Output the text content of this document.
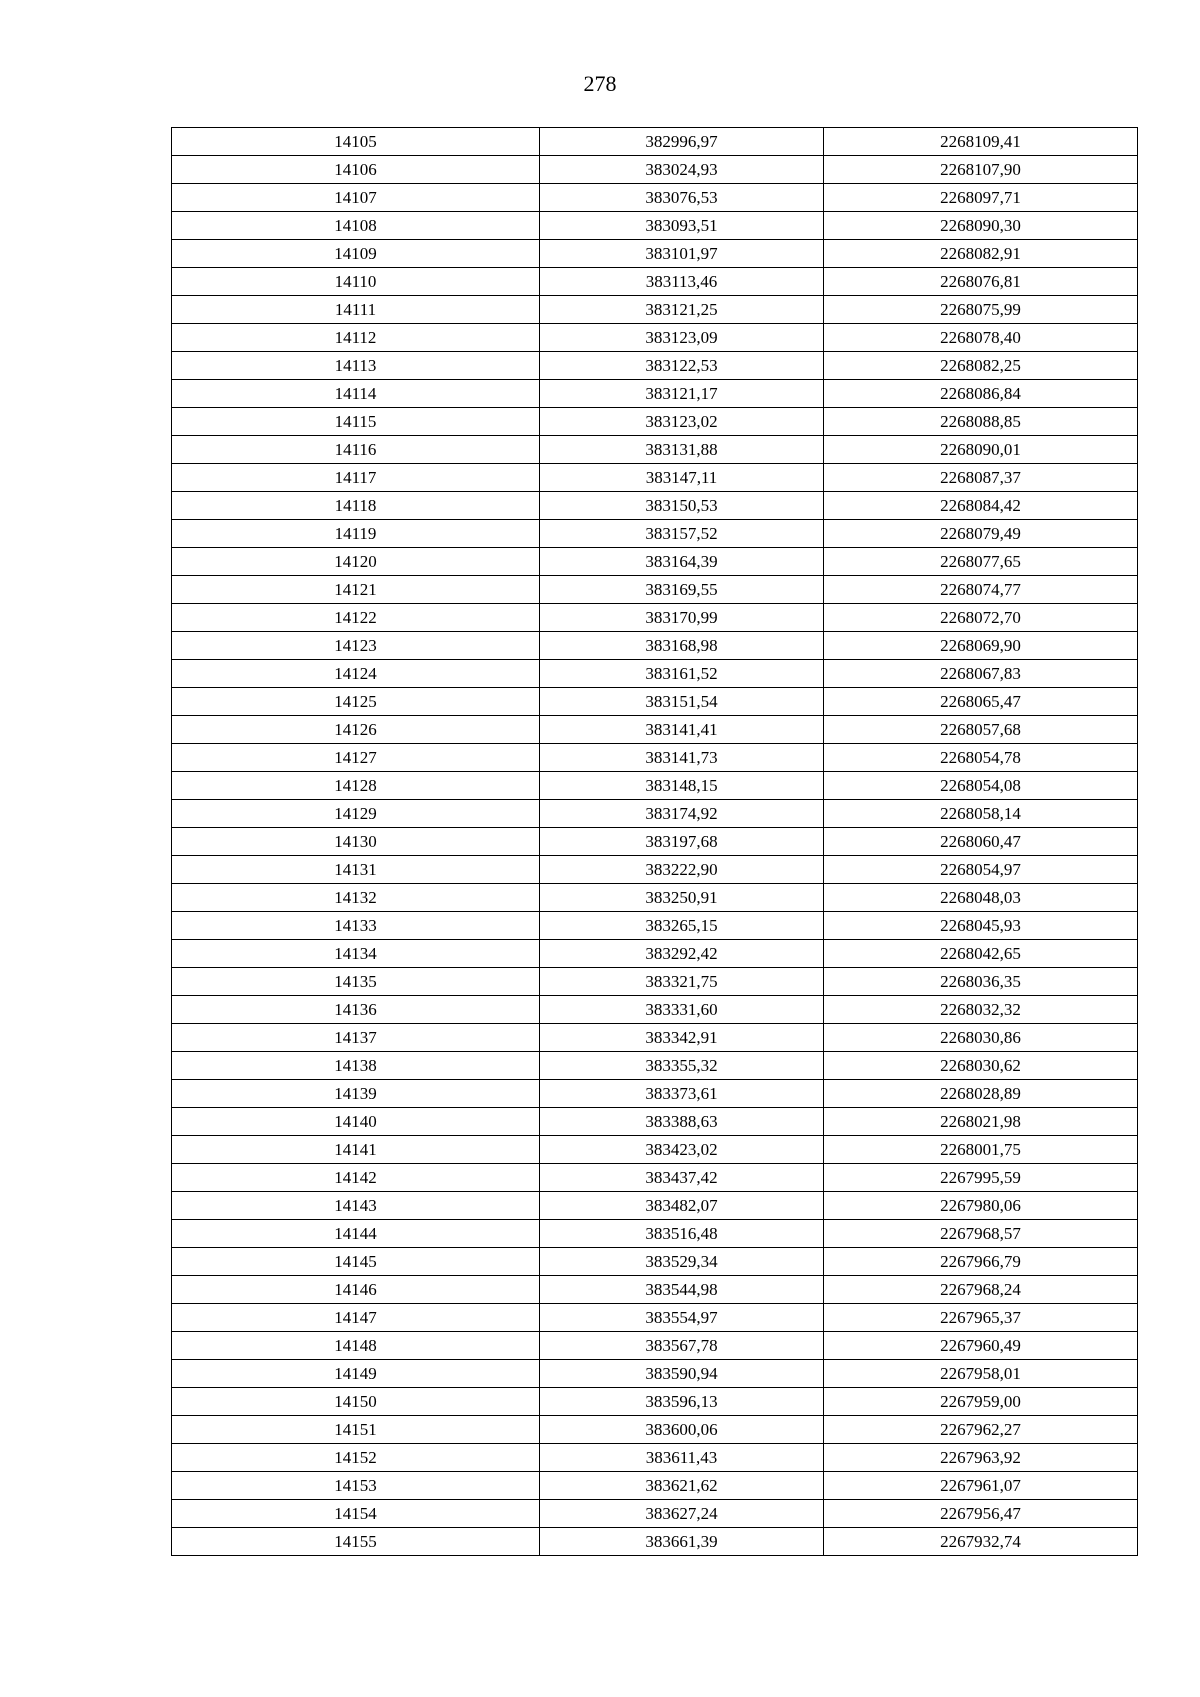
278
14105	382996,97	2268109,41
14106	383024,93	2268107,90
14107	383076,53	2268097,71
14108	383093,51	2268090,30
14109	383101,97	2268082,91
14110	383113,46	2268076,81
14111	383121,25	2268075,99
14112	383123,09	2268078,40
14113	383122,53	2268082,25
14114	383121,17	2268086,84
14115	383123,02	2268088,85
14116	383131,88	2268090,01
14117	383147,11	2268087,37
14118	383150,53	2268084,42
14119	383157,52	2268079,49
14120	383164,39	2268077,65
14121	383169,55	2268074,77
14122	383170,99	2268072,70
14123	383168,98	2268069,90
14124	383161,52	2268067,83
14125	383151,54	2268065,47
14126	383141,41	2268057,68
14127	383141,73	2268054,78
14128	383148,15	2268054,08
14129	383174,92	2268058,14
14130	383197,68	2268060,47
14131	383222,90	2268054,97
14132	383250,91	2268048,03
14133	383265,15	2268045,93
14134	383292,42	2268042,65
14135	383321,75	2268036,35
14136	383331,60	2268032,32
14137	383342,91	2268030,86
14138	383355,32	2268030,62
14139	383373,61	2268028,89
14140	383388,63	2268021,98
14141	383423,02	2268001,75
14142	383437,42	2267995,59
14143	383482,07	2267980,06
14144	383516,48	2267968,57
14145	383529,34	2267966,79
14146	383544,98	2267968,24
14147	383554,97	2267965,37
14148	383567,78	2267960,49
14149	383590,94	2267958,01
14150	383596,13	2267959,00
14151	383600,06	2267962,27
14152	383611,43	2267963,92
14153	383621,62	2267961,07
14154	383627,24	2267956,47
14155	383661,39	2267932,74
